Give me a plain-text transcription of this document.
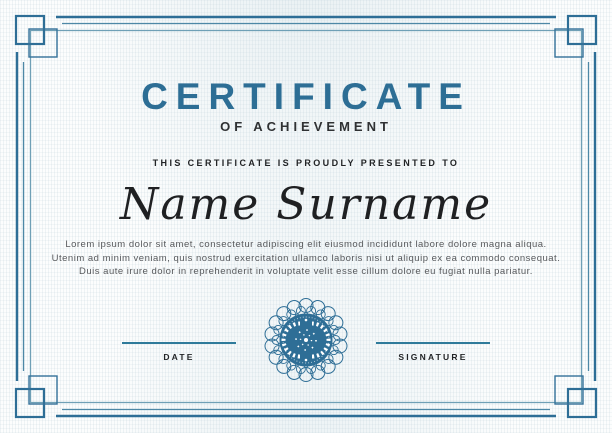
CERTIFICATE
OF ACHIEVEMENT
THIS CERTIFICATE IS PROUDLY PRESENTED TO
Name Surname
Lorem ipsum dolor sit amet, consectetur adipiscing elit eiusmod incididunt labore dolore magna aliqua.
Utenim ad minim veniam, quis nostrud exercitation ullamco laboris nisi ut aliquip ex ea commodo consequat.
Duis aute irure dolor in reprehenderit in voluptate velit esse cillum dolore eu fugiat nulla pariatur.
DATE	SIGNATURE
